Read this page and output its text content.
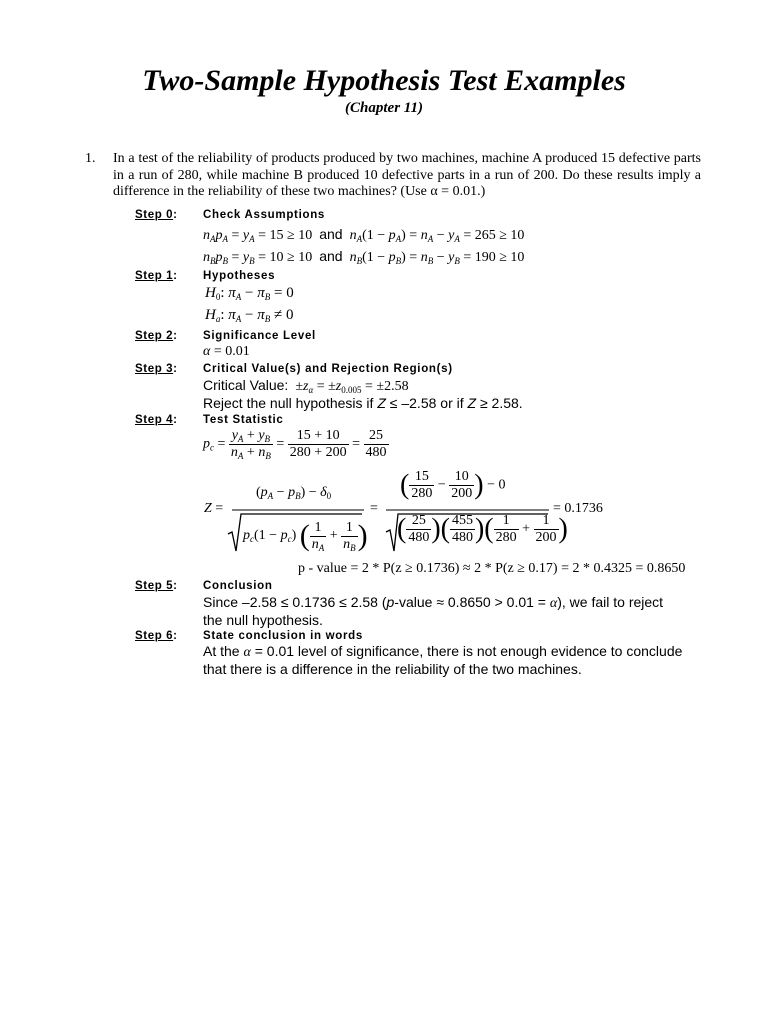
Two-Sample Hypothesis Test Examples
(Chapter 11)
1. In a test of the reliability of products produced by two machines, machine A produced 15 defective parts in a run of 280, while machine B produced 10 defective parts in a run of 200. Do these results imply a difference in the reliability of these two machines? (Use α = 0.01.)
Step 0:
Step 1:
Step 2:
Step 3:
Step 4:
Step 5:
Step 6:
Check Assumptions
Hypotheses
Significance Level
Critical Value(s) and Rejection Region(s)
Test Statistic
Conclusion
State conclusion in words
$n_Ap_A = y_A = 15 \ge 10$ and $n_A(1 - p_A) = n_A - y_A = 265 \ge 10$
$n_Bp_B = y_B = 10 \ge 10$ and $n_B(1 - p_B) = n_B - y_B = 190 \ge 10$
$H_0$: $\pi_A - \pi_B = 0$
$H_a$: $\pi_A - \pi_B \ne 0$
α = 0.01
Critical Value:  $\pm z_\alpha = \pm z_{0.005} = \pm 2.58$
Reject the null hypothesis if Z ≤ –2.58 or if Z ≥ 2.58.
$p_c = \frac{y_A + y_B}{n_A + n_B} = \frac{15 + 10}{280 + 200} = \frac{25}{480}$
Z =
$(p_A - p_B) - \delta_0$
$p_c(1 - p_c)$ ( $\frac{1}{n_A} + \frac{1}{n_B}$ )
=
( $\frac{15}{280} - \frac{10}{200}$ ) − 0
( $\frac{25}{480}$ )( $\frac{455}{480}$ )( $\frac{1}{280} + \frac{1}{200}$ )
= 0.1736
p - value = 2 * P(z ≥ 0.1736) ≈ 2 * P(z ≥ 0.17) = 2 * 0.4325 = 0.8650
Since –2.58 ≤ 0.1736 ≤ 2.58 (p-value ≈ 0.8650 > 0.01 = α), we fail to reject
the null hypothesis.
At the α = 0.01 level of significance, there is not enough evidence to conclude
that there is a difference in the reliability of the two machines.
